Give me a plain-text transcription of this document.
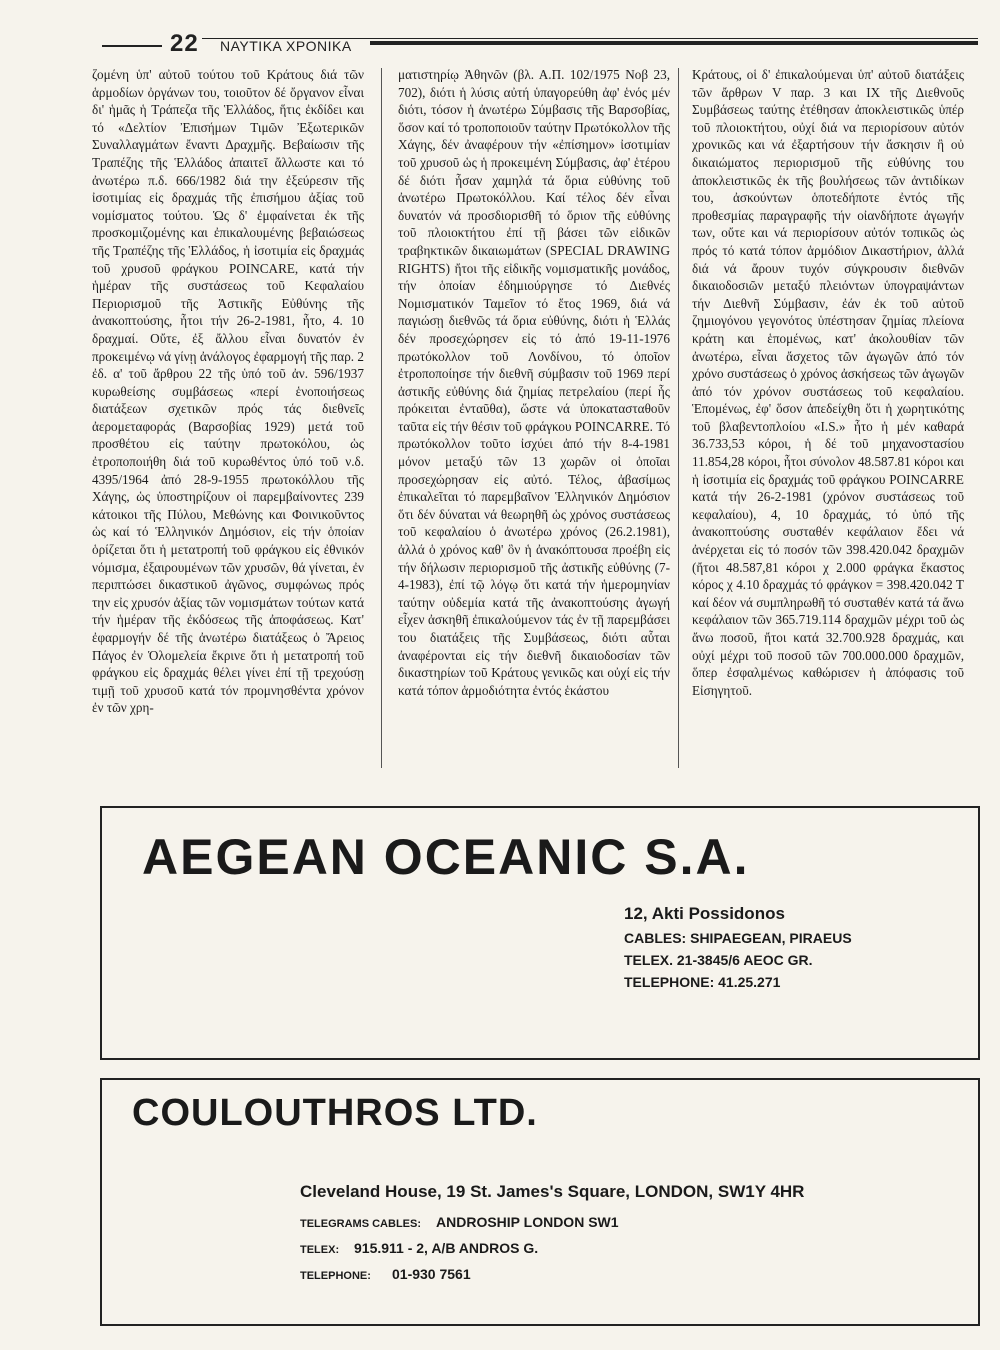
22 ΝΑΥΤΙΚΑ ΧΡΟΝΙΚΑ

ζομένη ὑπ' αὐτοῦ τούτου τοῦ Κράτους διά τῶν ἁρμοδίων ὀργάνων του, τοιοῦτον δέ ὄργανον εἶναι δι' ἡμᾶς ἡ Τράπεζα τῆς Ἑλλάδος, ἥτις ἐκδίδει και τό «Δελτίον Ἐπισήμων Τιμῶν Ἐξωτερικῶν Συναλλαγμάτων ἔναντι Δραχμῆς. Βεβαίωσιν τῆς Τραπέζης τῆς Ἑλλάδος ἀπαιτεῖ ἄλλωστε και τό ἀνωτέρω π.δ. 666/1982 διά την ἐξεύρεσιν τῆς ἰσοτιμίας εἰς δραχμάς τῆς ἐπισήμου ἀξίας τοῦ νομίσματος τούτου. Ὡς δ' ἐμφαίνεται ἐκ τῆς προσκομιζομένης και ἐπικαλουμένης βεβαιώσεως τῆς Τραπέζης τῆς Ἑλλάδος, ἡ ἰσοτιμία εἰς δραχμάς τοῦ χρυσοῦ φράγκου POINCARE, κατά τήν ἡμέραν τῆς συστάσεως τοῦ Κεφαλαίου Περιορισμοῦ τῆς Ἀστικῆς Εὐθύνης τῆς ἀνακοπτούσης, ἦτοι τήν 26-2-1981, ἦτο, 4. 10 δραχμαί. Οὔτε, ἐξ ἄλλου εἶναι δυνατόν ἐν προκειμένῳ νά γίνῃ ἀνάλογος ἐφαρμογή τῆς παρ. 2 ἐδ. α' τοῦ ἄρθρου 22 τῆς ὑπό τοῦ ἀν. 596/1937 κυρωθείσης συμβάσεως «περί ἑνοποιήσεως διατάξεων σχετικῶν πρός τάς διεθνεῖς ἀερομεταφοράς (Βαρσοβίας 1929) μετά τοῦ προσθέτου εἰς ταύτην πρωτοκόλου, ὡς ἐτροποποιήθη διά τοῦ κυρωθέντος ὑπό τοῦ ν.δ. 4395/1964 ἀπό 28-9-1955 πρωτοκόλλου τῆς Χάγης, ὡς ὑποστηρίζουν οἱ παρεμβαίνοντες 239 κάτοικοι τῆς Πύλου, Μεθώνης και Φοινικοῦντος ὡς καί τό Ἑλληνικόν Δημόσιον, εἰς τήν ὁποίαν ὁρίζεται ὅτι ἡ μετατροπή τοῦ φράγκου εἰς ἐθνικόν νόμισμα, ἐξαιρουμένων τῶν χρυσῶν, θά γίνεται, ἐν περιπτώσει δικαστικοῦ ἀγῶνος, συμφώνως πρός την εἰς χρυσόν ἀξίας τῶν νομισμάτων τούτων κατά τήν ἡμέραν τῆς ἐκδόσεως τῆς ἀποφάσεως. Κατ' ἐφαρμογήν δέ τῆς ἀνωτέρω διατάξεως ὁ Ἄρειος Πάγος ἐν Ὁλομελεία ἔκρινε ὅτι ἡ μετατροπή τοῦ φράγκου εἰς δραχμάς θέλει γίνει ἐπί τῇ τρεχούσῃ τιμῇ τοῦ χρυσοῦ κατά τόν προμνησθέντα χρόνον ἐν τῶν χρη-

ματιστηρίῳ Ἀθηνῶν (βλ. Α.Π. 102/1975 Νοβ 23, 702), διότι ἡ λύσις αὐτή ὑπαγορεύθη ἀφ' ἑνός μέν διότι, τόσον ἡ ἀνωτέρω Σύμβασις τῆς Βαρσοβίας, ὅσον καί τό τροποποιοῦν ταύτην Πρωτόκολλον τῆς Χάγης, δέν ἀναφέρουν τήν «ἐπίσημον» ἰσοτιμίαν τοῦ χρυσοῦ ὡς ἡ προκειμένη Σύμβασις, ἀφ' ἑτέρου δέ διότι ἦσαν χαμηλά τά ὅρια εὐθύνης τοῦ ἀνωτέρω Πρωτοκόλλου. Καί τέλος δέν εἶναι δυνατόν νά προσδιορισθῆ τό ὅριον τῆς εὐθύνης τοῦ πλοιοκτήτου ἐπί τῇ βάσει τῶν εἰδικῶν τραβηκτικῶν δικαιωμάτων (SPECIAL DRAWING RIGHTS) ἤτοι τῆς εἰδικῆς νομισματικῆς μονάδος, τήν ὁποίαν ἐδημιούργησε τό Διεθνές Νομισματικόν Ταμεῖον τό ἔτος 1969, διά νά παγιώσῃ διεθνῶς τά ὅρια εὐθύνης, διότι ἡ Ἑλλάς δέν προσεχώρησεν εἰς τό ἀπό 19-11-1976 πρωτόκολλον τοῦ Λονδίνου, τό ὁποῖον ἐτροποποίησε τήν διεθνῆ σύμβασιν τοῦ 1969 περί ἀστικῆς εὐθύνης διά ζημίας πετρελαίου (περί ἧς πρόκειται ἐνταῦθα), ὥστε νά ὑποκατασταθοῦν ταῦτα εἰς τήν θέσιν τοῦ φράγκου POINCARRE. Τό πρωτόκολλον τοῦτο ἰσχύει ἀπό τήν 8-4-1981 μόνον μεταξύ τῶν 13 χωρῶν οἱ ὁποῖαι προσεχώρησαν εἰς αὐτό. Τέλος, ἀβασίμως ἐπικαλεῖται τό παρεμβαῖνον Ἑλληνικόν Δημόσιον ὅτι δέν δύναται νά θεωρηθῆ ὡς χρόνος συστάσεως τοῦ κεφαλαίου ὁ ἀνωτέρω χρόνος (26.2.1981), ἀλλά ὁ χρόνος καθ' ὃν ἡ ἀνακόπτουσα προέβη εἰς τήν δήλωσιν περιορισμοῦ τῆς ἀστικῆς εὐθύνης (7-4-1983), ἐπί τῷ λόγῳ ὅτι κατά τήν ἡμερομηνίαν ταύτην οὐδεμία κατά τῆς ἀνακοπτούσης ἀγωγή εἶχεν ἀσκηθῆ ἐπικαλούμενον τάς ἐν τῇ παρεμβάσει του διατάξεις τῆς Συμβάσεως, διότι αὗται ἀναφέρονται εἰς τήν διεθνῆ δικαιοδοσίαν τῶν δικαστηρίων τοῦ Κράτους γενικῶς και οὐχί εἰς τήν κατά τόπον ἁρμοδιότητα ἐντός ἑκάστου

Κράτους, οἱ δ' ἐπικαλούμεναι ὑπ' αὐτοῦ διατάξεις τῶν ἄρθρων V παρ. 3 και IX τῆς Διεθνοῦς Συμβάσεως ταύτης ἐτέθησαν ἀποκλειστικῶς ὑπέρ τοῦ πλοιοκτήτου, οὐχί διά να περιορίσουν αὐτόν χρονικῶς και νά ἐξαρτήσουν τήν ἄσκησιν ἢ οὐ δικαιώματος περιορισμοῦ τῆς εὐθύνης του ἀποκλειστικῶς ἐκ τῆς βουλήσεως τῶν ἀντιδίκων του, ἀσκούντων ὁποτεδήποτε ἐντός τῆς προθεσμίας παραγραφῆς τήν οἰανδήποτε ἀγωγήν των, οὔτε και νά περιορίσουν αὐτόν τοπικῶς ὡς πρός τό κατά τόπον ἁρμόδιον Δικαστήριον, ἀλλά διά νά ἄρουν τυχόν σύγκρουσιν διεθνῶν δικαιοδοσιῶν μεταξύ πλειόντων ὑπογραψάντων τήν Διεθνῆ Σύμβασιν, ἐάν ἐκ τοῦ αὐτοῦ ζημιογόνου γεγονότος ὑπέστησαν ζημίας πλείονα κράτη και ἑπομένως, κατ' ἀκολουθίαν τῶν ἀνωτέρω, εἶναι ἄσχετος τῶν ἀγωγῶν ἀπό τόν χρόνο συστάσεως ὁ χρόνος ἀσκήσεως τῶν ἀγωγῶν ἀπό τόν χρόνον συστάσεως τοῦ κεφαλαίου. Ἑπομένως, ἐφ' ὅσον ἀπεδείχθη ὅτι ἡ χωρητικότης τοῦ βλαβεντοπλοίου «I.S.» ἦτο ἡ μέν καθαρά 36.733,53 κόροι, ἡ δέ τοῦ μηχανοστασίου 11.854,28 κόροι, ἦτοι σύνολον 48.587.81 κόροι και ἡ ἰσοτιμία εἰς δραχμάς τοῦ φράγκου POINCARRE κατά τήν 26-2-1981 (χρόνον συστάσεως τοῦ κεφαλαίου), 4, 10 δραχμάς, τό ὑπό τῆς ἀνακοπτούσης συσταθέν κεφάλαιον ἔδει νά ἀνέρχεται εἰς τό ποσόν τῶν 398.420.042 δραχμῶν (ἤτοι 48.587,81 κόροι χ 2.000 φράγκα ἕκαστος κόρος χ 4.10 δραχμάς τό φράγκον = 398.420.042 Τ καί δέον νά συμπληρωθῆ τό συσταθέν κατά τά ἄνω κεφάλαιον τῶν 365.719.114 δραχμῶν μέχρι τοῦ ὡς ἄνω ποσοῦ, ἤτοι κατά 32.700.928 δραχμάς, και οὐχί μέχρι τοῦ ποσοῦ τῶν 700.000.000 δραχμῶν, ὅπερ ἐσφαλμένως καθώρισεν ἡ ἀπόφασις τοῦ Εἰσηγητοῦ.

AEGEAN OCEANIC S.A.
12, Akti Possidonos
CABLES: SHIPAEGEAN, PIRAEUS
TELEX. 21-3845/6 AEOC GR.
TELEPHONE: 41.25.271
COULOUTHROS LTD.
Cleveland House, 19 St. James's Square, LONDON, SW1Y 4HR
TELEGRAMS CABLES: ANDROSHIP LONDON SW1
TELEX: 915.911 - 2, A/B ANDROS G.
TELEPHONE: 01-930 7561
